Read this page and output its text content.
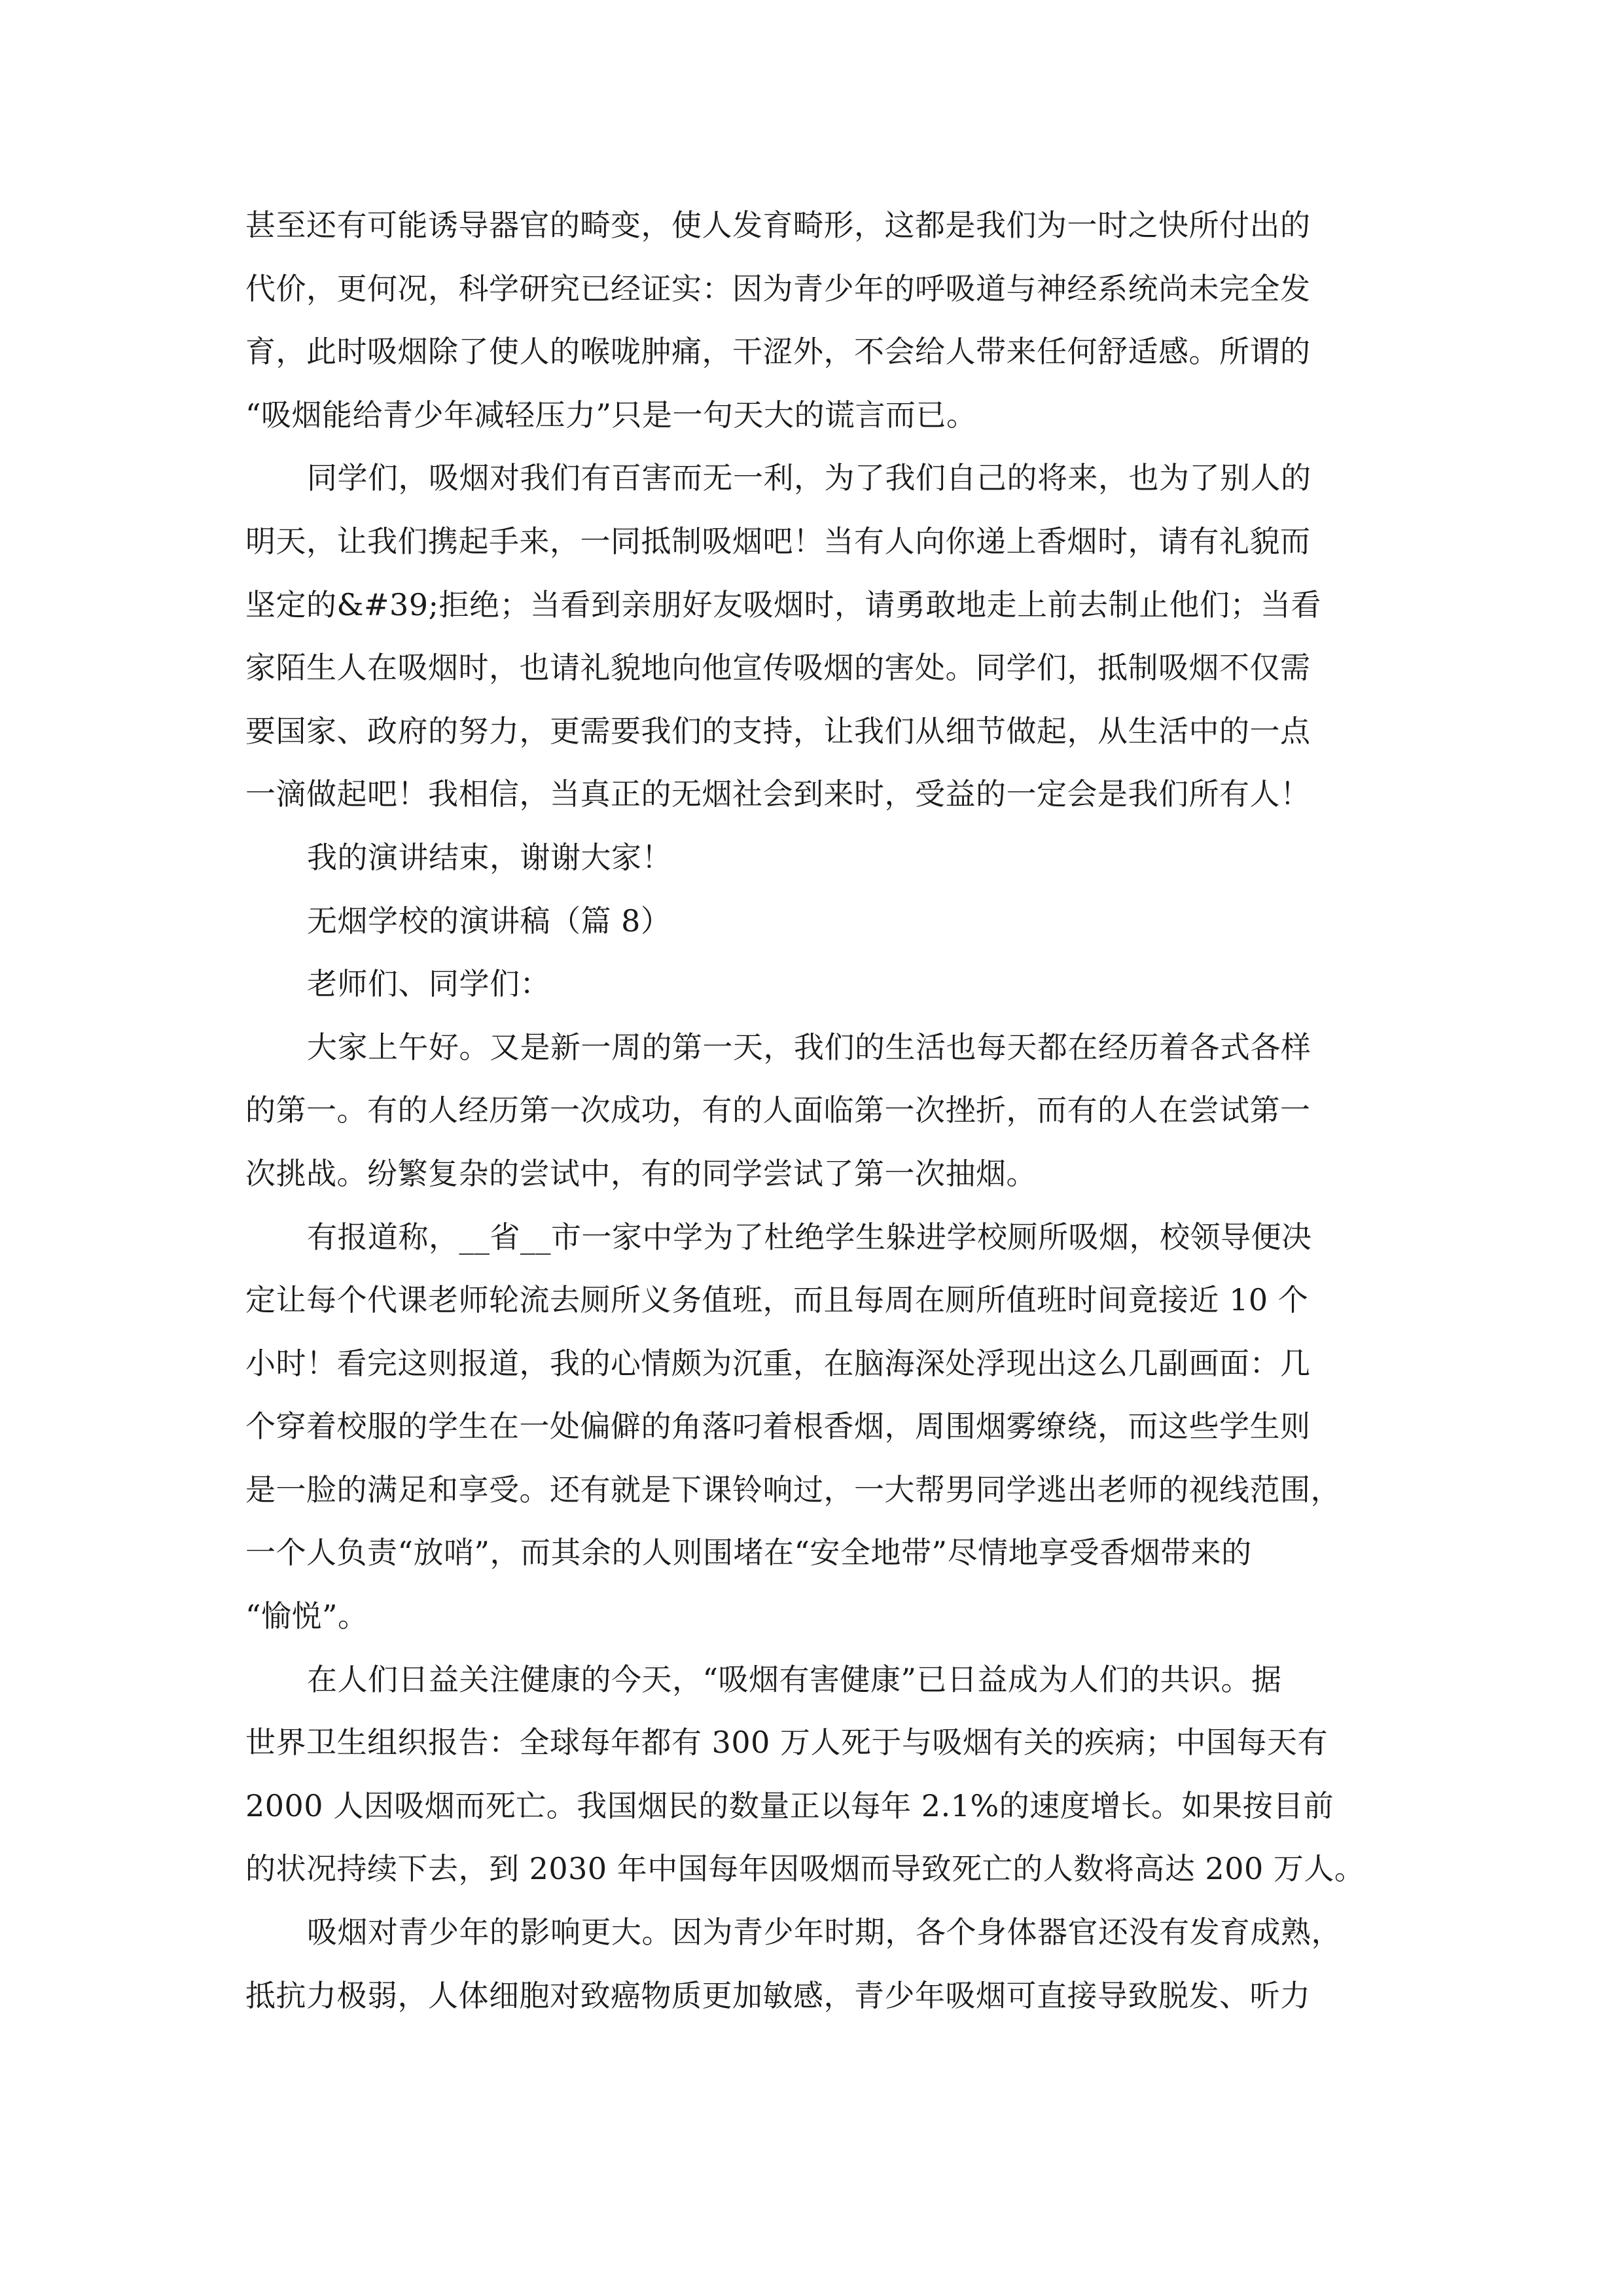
甚至还有可能诱导器官的畸变，使人发育畸形，这都是我们为一时之快所付出的
代价，更何况，科学研究已经证实：因为青少年的呼吸道与神经系统尚未完全发
育，此时吸烟除了使人的喉咙肿痛，干涩外，不会给人带来任何舒适感。所谓的
“吸烟能给青少年减轻压力”只是一句天大的谎言而已。
同学们，吸烟对我们有百害而无一利，为了我们自己的将来，也为了别人的
明天，让我们携起手来，一同抵制吸烟吧！当有人向你递上香烟时，请有礼貌而
坚定的&#39;拒绝；当看到亲朋好友吸烟时，请勇敢地走上前去制止他们；当看
家陌生人在吸烟时，也请礼貌地向他宣传吸烟的害处。同学们，抵制吸烟不仅需
要国家、政府的努力，更需要我们的支持，让我们从细节做起，从生活中的一点
一滴做起吧！我相信，当真正的无烟社会到来时，受益的一定会是我们所有人！
我的演讲结束，谢谢大家！
无烟学校的演讲稿（篇 8）
老师们、同学们：
大家上午好。又是新一周的第一天，我们的生活也每天都在经历着各式各样
的第一。有的人经历第一次成功，有的人面临第一次挫折，而有的人在尝试第一
次挑战。纷繁复杂的尝试中，有的同学尝试了第一次抽烟。
有报道称，__省__市一家中学为了杜绝学生躲进学校厕所吸烟，校领导便决
定让每个代课老师轮流去厕所义务值班，而且每周在厕所值班时间竟接近 10 个
小时！看完这则报道，我的心情颇为沉重，在脑海深处浮现出这么几副画面：几
个穿着校服的学生在一处偏僻的角落叼着根香烟，周围烟雾缭绕，而这些学生则
是一脸的满足和享受。还有就是下课铃响过，一大帮男同学逃出老师的视线范围，
一个人负责“放哨”，而其余的人则围堵在“安全地带”尽情地享受香烟带来的
“愉悦”。
在人们日益关注健康的今天，“吸烟有害健康”已日益成为人们的共识。据
世界卫生组织报告：全球每年都有 300 万人死于与吸烟有关的疾病；中国每天有
2000 人因吸烟而死亡。我国烟民的数量正以每年 2.1%的速度增长。如果按目前
的状况持续下去，到 2030 年中国每年因吸烟而导致死亡的人数将高达 200 万人。
吸烟对青少年的影响更大。因为青少年时期，各个身体器官还没有发育成熟，
抵抗力极弱，人体细胞对致癌物质更加敏感，青少年吸烟可直接导致脱发、听力
